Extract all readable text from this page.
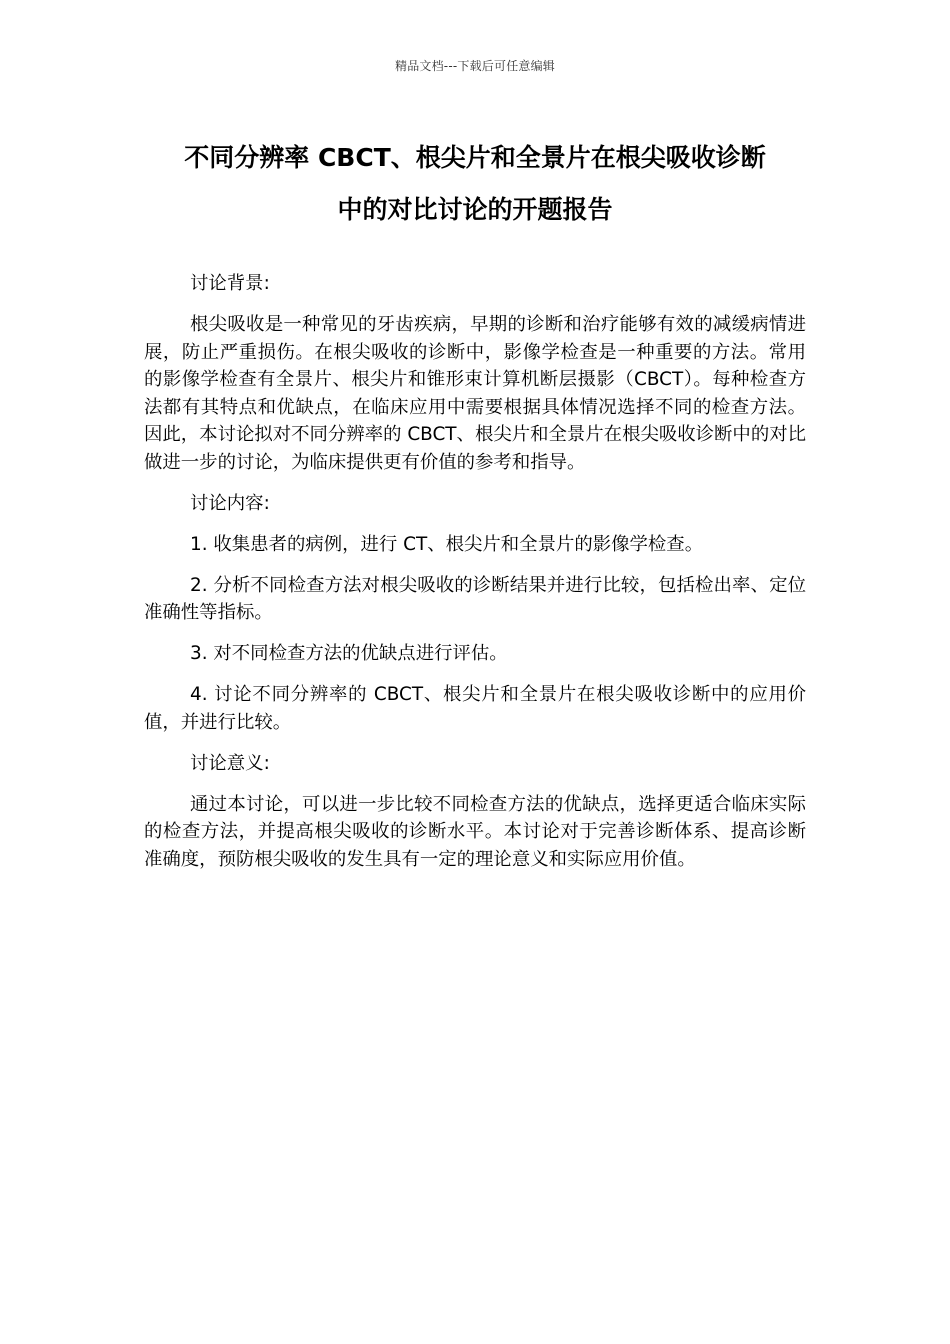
精品文档---下载后可任意编辑
不同分辨率 CBCT、根尖片和全景片在根尖吸收诊断
中的对比讨论的开题报告

讨论背景:

根尖吸收是一种常见的牙齿疾病，早期的诊断和治疗能够有效的减缓病情进展，防止严重损伤。在根尖吸收的诊断中，影像学检查是一种重要的方法。常用的影像学检查有全景片、根尖片和锥形束计算机断层摄影（CBCT）。每种检查方法都有其特点和优缺点，在临床应用中需要根据具体情况选择不同的检查方法。因此，本讨论拟对不同分辨率的 CBCT、根尖片和全景片在根尖吸收诊断中的对比做进一步的讨论，为临床提供更有价值的参考和指导。

讨论内容:

1. 收集患者的病例，进行 CT、根尖片和全景片的影像学检查。

2. 分析不同检查方法对根尖吸收的诊断结果并进行比较，包括检出率、定位准确性等指标。

3. 对不同检查方法的优缺点进行评估。

4. 讨论不同分辨率的 CBCT、根尖片和全景片在根尖吸收诊断中的应用价值，并进行比较。

讨论意义:

通过本讨论，可以进一步比较不同检查方法的优缺点，选择更适合临床实际的检查方法，并提高根尖吸收的诊断水平。本讨论对于完善诊断体系、提高诊断准确度，预防根尖吸收的发生具有一定的理论意义和实际应用价值。
